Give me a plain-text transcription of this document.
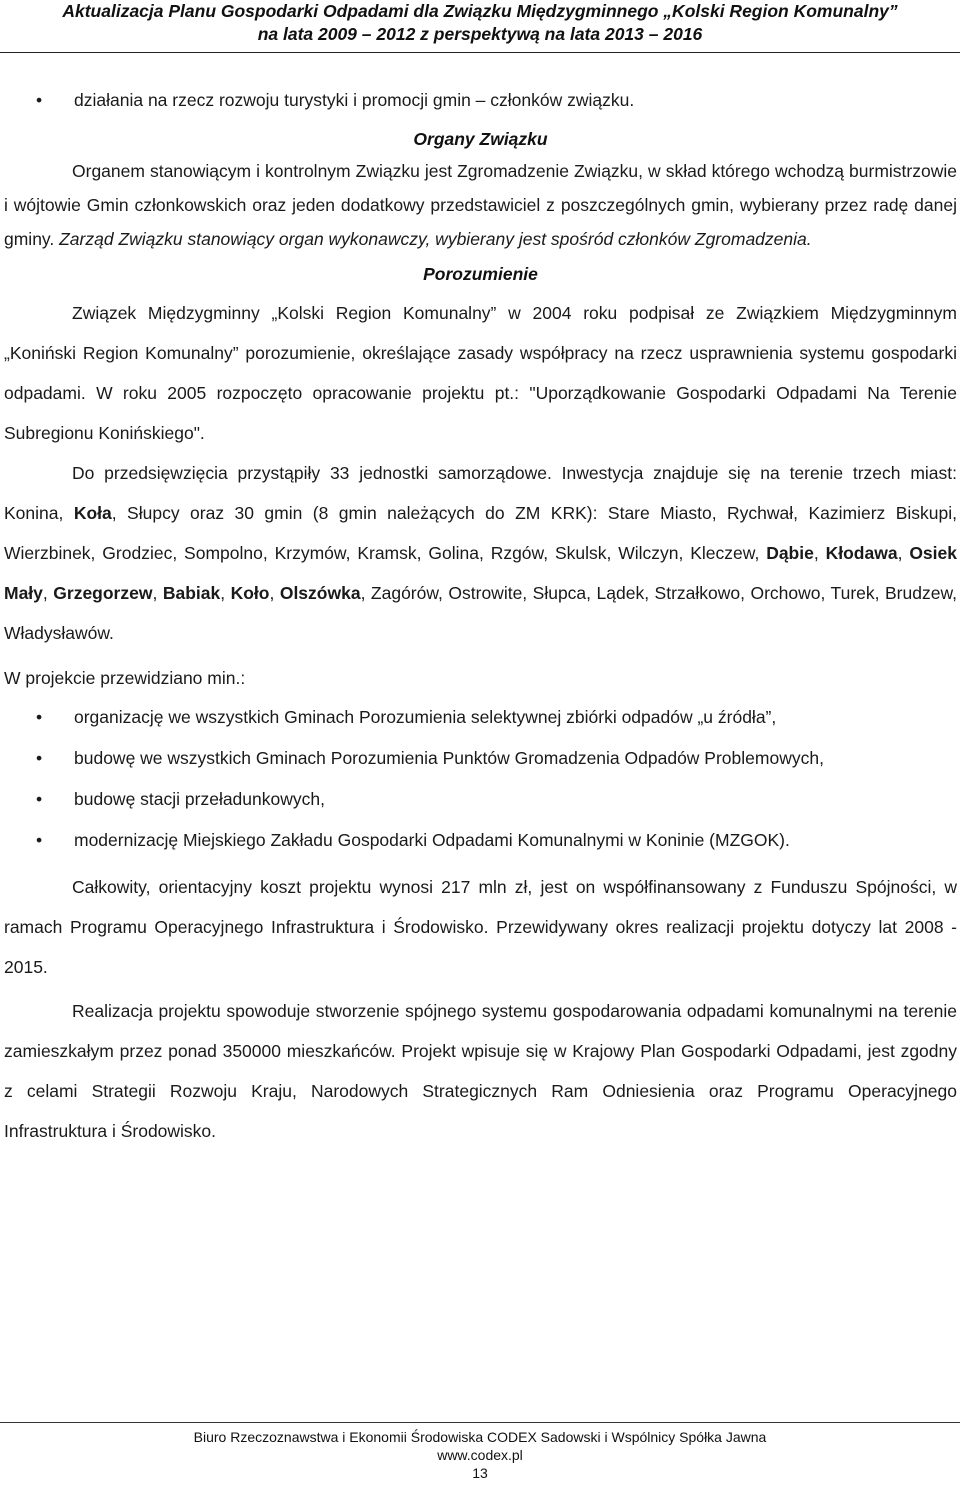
Aktualizacja Planu Gospodarki Odpadami dla Związku Międzygminnego „Kolski Region Komunalny”
na lata 2009 – 2012 z perspektywą na lata 2013 – 2016
• działania na rzecz rozwoju turystyki i promocji gmin – członków związku.
Organy Związku

Organem stanowiącym i kontrolnym Związku jest Zgromadzenie Związku, w skład którego wchodzą burmistrzowie i wójtowie Gmin członkowskich oraz jeden dodatkowy przedstawiciel z poszczególnych gmin, wybierany przez radę danej gminy. Zarząd Związku stanowiący organ wykonawczy, wybierany jest spośród członków Zgromadzenia.

Porozumienie

Związek Międzygminny „Kolski Region Komunalny” w 2004 roku podpisał ze Związkiem Międzygminnym „Koniński Region Komunalny” porozumienie, określające zasady współpracy na rzecz usprawnienia systemu gospodarki odpadami. W roku 2005 rozpoczęto opracowanie projektu pt.: "Uporządkowanie Gospodarki Odpadami Na Terenie Subregionu Konińskiego".

Do przedsięwzięcia przystąpiły 33 jednostki samorządowe. Inwestycja znajduje się na terenie trzech miast: Konina, Koła, Słupcy oraz 30 gmin (8 gmin należących do ZM KRK): Stare Miasto, Rychwał, Kazimierz Biskupi, Wierzbinek, Grodziec, Sompolno, Krzymów, Kramsk, Golina, Rzgów, Skulsk, Wilczyn, Kleczew, Dąbie, Kłodawa, Osiek Mały, Grzegorzew, Babiak, Koło, Olszówka, Zagórów, Ostrowite, Słupca, Lądek, Strzałkowo, Orchowo, Turek, Brudzew, Władysławów.

W projekcie przewidziano min.:

• organizację we wszystkich Gminach Porozumienia selektywnej zbiórki odpadów „u źródła”,
• budowę we wszystkich Gminach Porozumienia Punktów Gromadzenia Odpadów Problemowych,
• budowę stacji przeładunkowych,
• modernizację Miejskiego Zakładu Gospodarki Odpadami Komunalnymi w Koninie (MZGOK).

Całkowity, orientacyjny koszt projektu wynosi 217 mln zł, jest on współfinansowany z Funduszu Spójności, w ramach Programu Operacyjnego Infrastruktura i Środowisko. Przewidywany okres realizacji projektu dotyczy lat 2008 - 2015.

Realizacja projektu spowoduje stworzenie spójnego systemu gospodarowania odpadami komunalnymi na terenie zamieszkałym przez ponad 350000 mieszkańców. Projekt wpisuje się w Krajowy Plan Gospodarki Odpadami, jest zgodny z celami Strategii Rozwoju Kraju, Narodowych Strategicznych Ram Odniesienia oraz Programu Operacyjnego Infrastruktura i Środowisko.

Biuro Rzeczoznawstwa i Ekonomii Środowiska CODEX Sadowski i Wspólnicy Spółka Jawna
www.codex.pl
13
